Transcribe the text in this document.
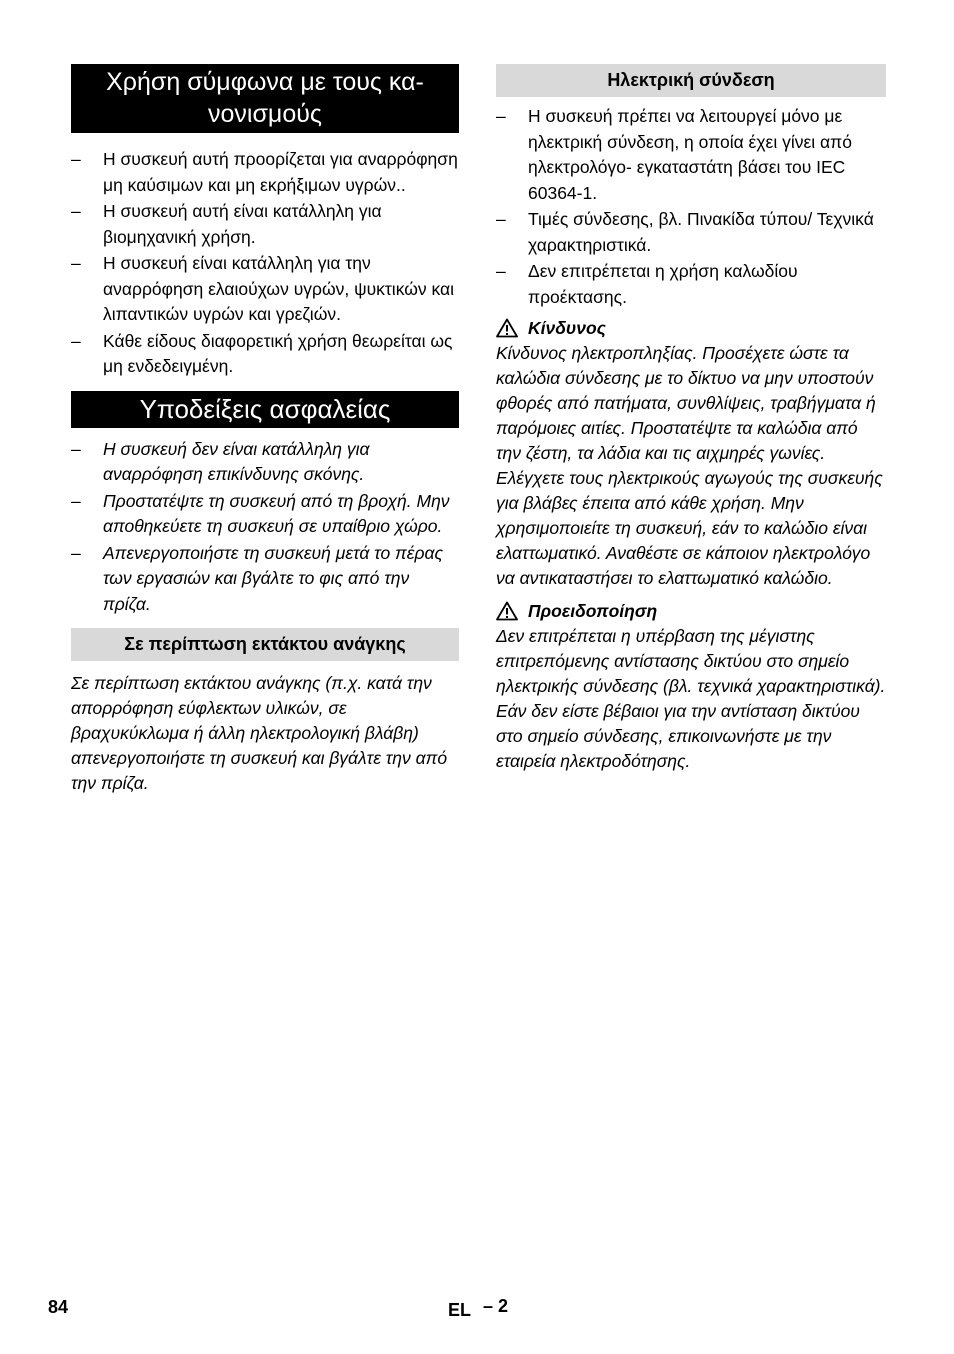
Χρήση σύμφωνα με τους κα-
νονισμούς
–	Η συσκευή αυτή προορίζεται για αναρρόφηση μη καύσιμων και μη εκρήξιμων υγρών..
–	Η συσκευή αυτή είναι κατάλληλη για βιομηχανική χρήση.
–	Η συσκευή είναι κατάλληλη για την αναρρόφηση ελαιούχων υγρών, ψυκτικών και λιπαντικών υγρών και γρεζιών.
–	Κάθε είδους διαφορετική χρήση θεωρείται ως μη ενδεδειγμένη.
Υποδείξεις ασφαλείας
–	Η συσκευή δεν είναι κατάλληλη για αναρρόφηση επικίνδυνης σκόνης.
–	Προστατέψτε τη συσκευή από τη βροχή. Μην αποθηκεύετε τη συσκευή σε υπαίθριο χώρο.
–	Απενεργοποιήστε τη συσκευή μετά το πέρας των εργασιών και βγάλτε το φις από την πρίζα.
Σε περίπτωση εκτάκτου ανάγκης

Σε περίπτωση εκτάκτου ανάγκης (π.χ. κατά την απορρόφηση εύφλεκτων υλικών, σε βραχυκύκλωμα ή άλλη ηλεκτρολογική βλάβη) απενεργοποιήστε τη συσκευή και βγάλτε την από την πρίζα.

Ηλεκτρική σύνδεση
–	Η συσκευή πρέπει να λειτουργεί μόνο με ηλεκτρική σύνδεση, η οποία έχει γίνει από ηλεκτρολόγο- εγκαταστάτη βάσει του IEC 60364-1.
–	Τιμές σύνδεσης, βλ. Πινακίδα τύπου/ Τεχνικά χαρακτηριστικά.
–	Δεν επιτρέπεται η χρήση καλωδίου προέκτασης.
Κίνδυνος

Κίνδυνος ηλεκτροπληξίας. Προσέχετε ώστε τα καλώδια σύνδεσης με το δίκτυο να μην υποστούν φθορές από πατήματα, συνθλίψεις, τραβήγματα ή παρόμοιες αιτίες. Προστατέψτε τα καλώδια από την ζέστη, τα λάδια και τις αιχμηρές γωνίες.

Ελέγχετε τους ηλεκτρικούς αγωγούς της συσκευής για βλάβες έπειτα από κάθε χρήση. Μην χρησιμοποιείτε τη συσκευή, εάν το καλώδιο είναι ελαττωματικό. Αναθέστε σε κάποιον ηλεκτρολόγο να αντικαταστήσει το ελαττωματικό καλώδιο.

Προειδοποίηση

Δεν επιτρέπεται η υπέρβαση της μέγιστης επιτρεπόμενης αντίστασης δικτύου στο σημείο ηλεκτρικής σύνδεσης (βλ. τεχνικά χαρακτηριστικά).

Εάν δεν είστε βέβαιοι για την αντίσταση δικτύου στο σημείο σύνδεσης, επικοινωνήστε με την εταιρεία ηλεκτροδότησης.

84	EL – 2
